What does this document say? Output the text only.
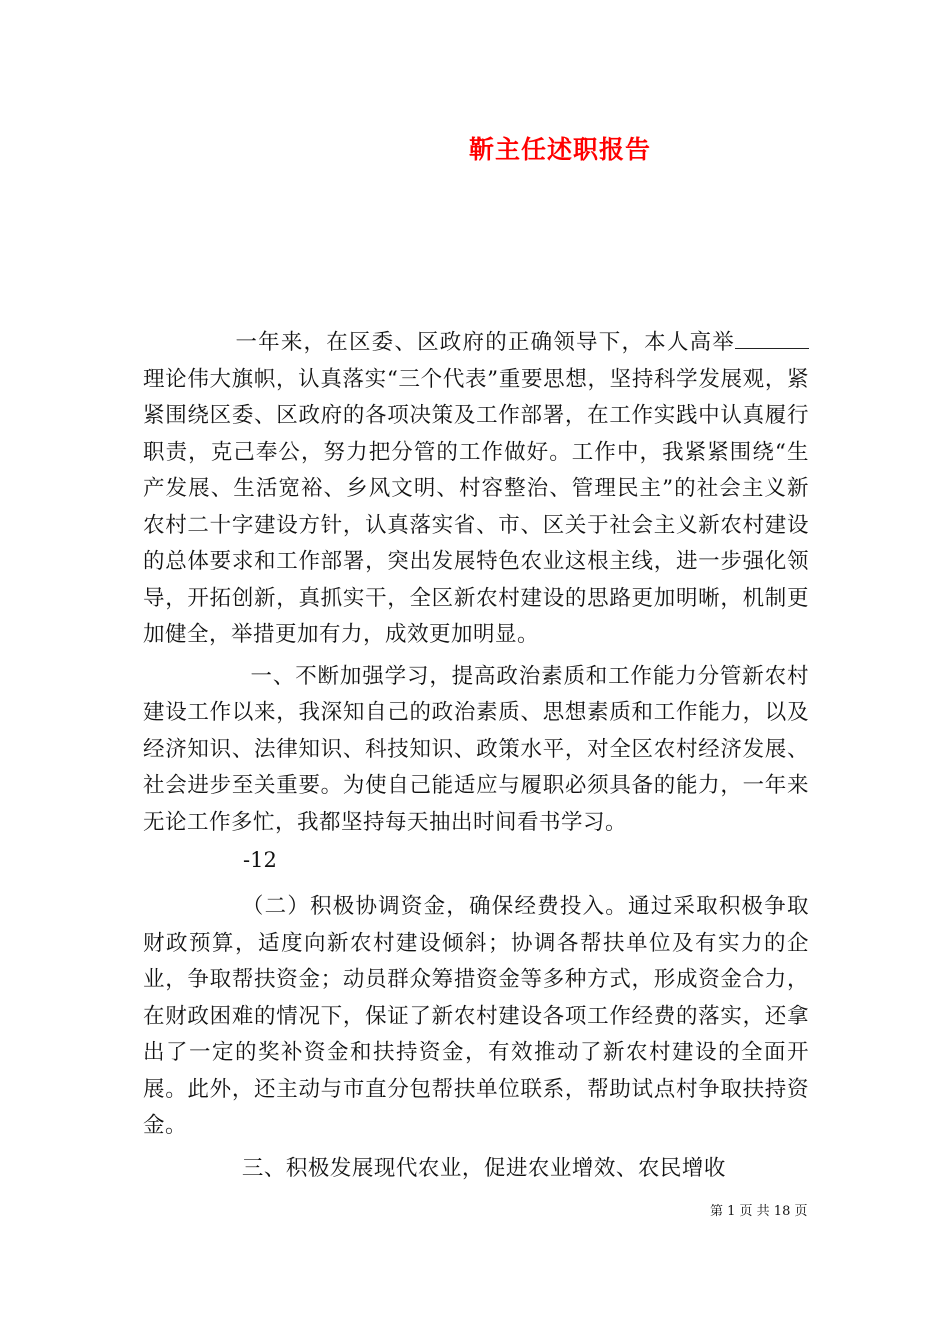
靳主任述职报告

一年来，在区委、区政府的正确领导下，本人高举理论伟大旗帜，认真落实“三个代表”重要思想，坚持科学发展观，紧紧围绕区委、区政府的各项决策及工作部署，在工作实践中认真履行职责，克己奉公，努力把分管的工作做好。工作中，我紧紧围绕“生产发展、生活宽裕、乡风文明、村容整治、管理民主”的社会主义新农村二十字建设方针，认真落实省、市、区关于社会主义新农村建设的总体要求和工作部署，突出发展特色农业这根主线，进一步强化领导，开拓创新，真抓实干，全区新农村建设的思路更加明晰，机制更加健全，举措更加有力，成效更加明显。

一、不断加强学习，提高政治素质和工作能力分管新农村建设工作以来，我深知自己的政治素质、思想素质和工作能力，以及经济知识、法律知识、科技知识、政策水平，对全区农村经济发展、社会进步至关重要。为使自己能适应与履职必须具备的能力，一年来无论工作多忙，我都坚持每天抽出时间看书学习。

-12

（二）积极协调资金，确保经费投入。通过采取积极争取财政预算，适度向新农村建设倾斜；协调各帮扶单位及有实力的企业，争取帮扶资金；动员群众筹措资金等多种方式，形成资金合力，在财政困难的情况下，保证了新农村建设各项工作经费的落实，还拿出了一定的奖补资金和扶持资金，有效推动了新农村建设的全面开展。此外，还主动与市直分包帮扶单位联系，帮助试点村争取扶持资金。

三、积极发展现代农业，促进农业增效、农民增收

第 1 页 共 18 页
